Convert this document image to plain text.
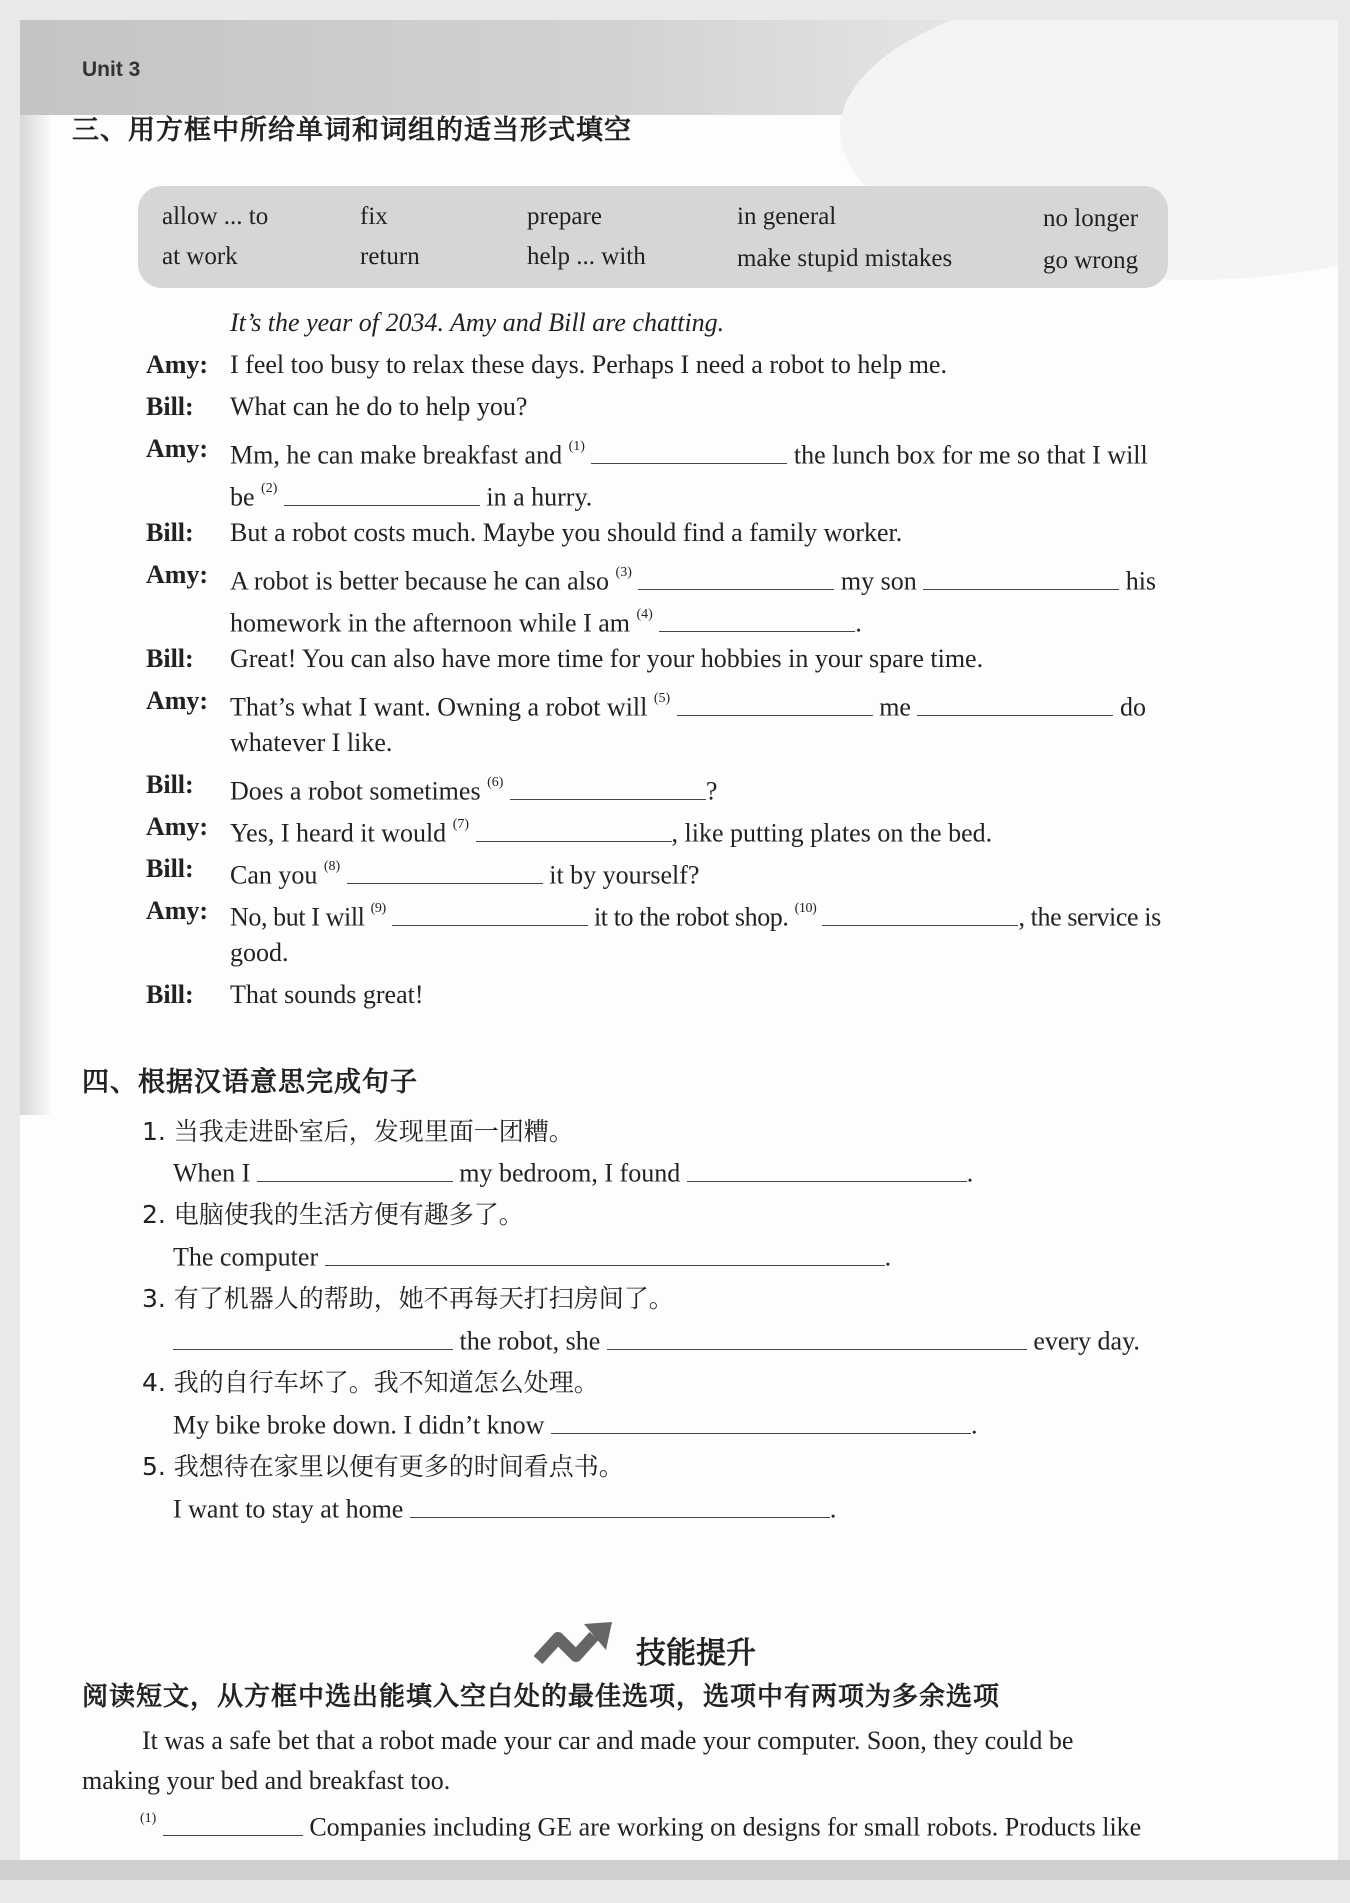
Unit 3
三、用方框中所给单词和词组的适当形式填空
allow ... to	fix	prepare	in general	no longer
at work	return	help ... with	make stupid mistakes	go wrong
It’s the year of 2034. Amy and Bill are chatting.
Amy: I feel too busy to relax these days. Perhaps I need a robot to help me.
Bill: What can he do to help you?
Amy: Mm, he can make breakfast and $^{(1)}$	the lunch box for me so that I will
be $^{(2)}$	in a hurry.
Bill: But a robot costs much. Maybe you should find a family worker.
Amy: A robot is better because he can also $^{(3)}$	my son	his
homework in the afternoon while I am $^{(4)}$	.
Bill: Great! You can also have more time for your hobbies in your spare time.
Amy: That’s what I want. Owning a robot will $^{(5)}$	me	do
whatever I like.
Bill: Does a robot sometimes $^{(6)}$	?
Amy: Yes, I heard it would $^{(7)}$	, like putting plates on the bed.
Bill: Can you $^{(8)}$	it by yourself?
Amy: No, but I will $^{(9)}$	it to the robot shop. $^{(10)}$	, the service is
good.
Bill: That sounds great!
四、根据汉语意思完成句子
1. 当我走进卧室后，发现里面一团糟。
When I	my bedroom, I found	.
2. 电脑使我的生活方便有趣多了。
The computer	.
3. 有了机器人的帮助，她不再每天打扫房间了。
the robot, she	every day.
4. 我的自行车坏了。我不知道怎么处理。
My bike broke down. I didn’t know	.
5. 我想待在家里以便有更多的时间看点书。
I want to stay at home	.
技能提升
阅读短文，从方框中选出能填入空白处的最佳选项，选项中有两项为多余选项
It was a safe bet that a robot made your car and made your computer. Soon, they could be
making your bed and breakfast too.
$^{(1)}$	Companies including GE are working on designs for small robots. Products like
